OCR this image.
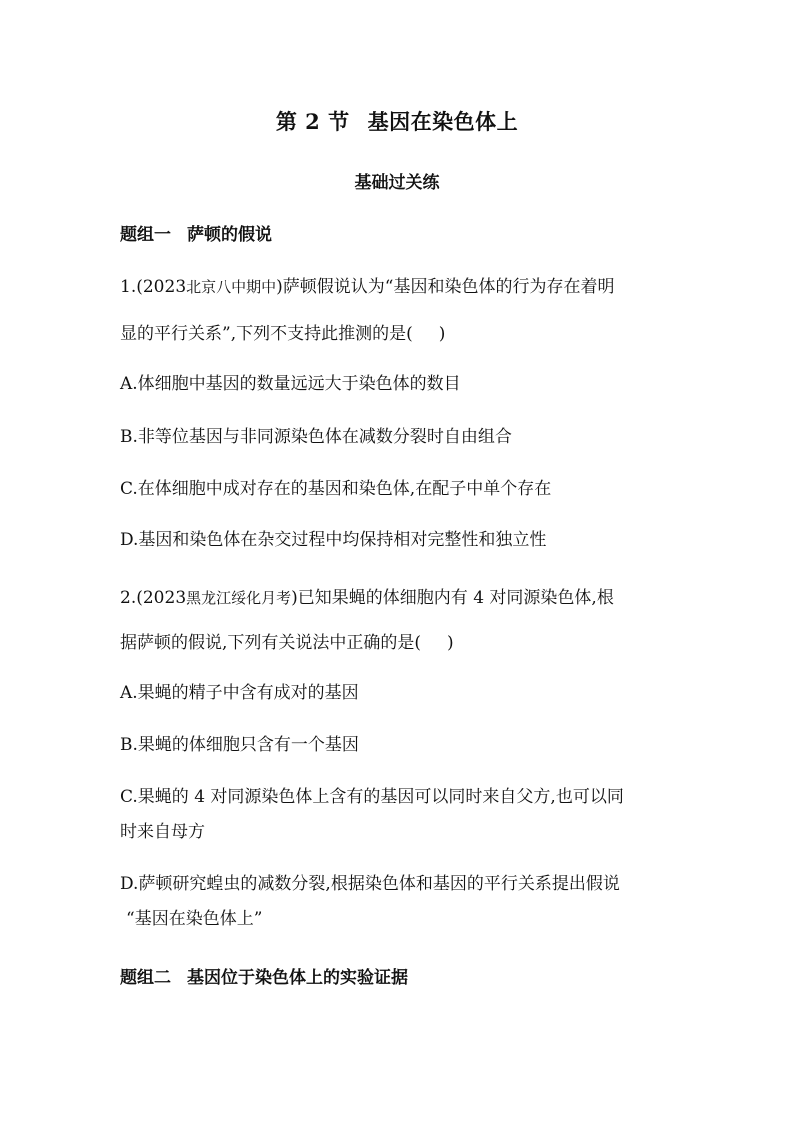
第 2 节 基因在染色体上
基础过关练
题组一 萨顿的假说
1.(2023北京八中期中)萨顿假说认为“基因和染色体的行为存在着明
显的平行关系”,下列不支持此推测的是( )
A.体细胞中基因的数量远远大于染色体的数目
B.非等位基因与非同源染色体在减数分裂时自由组合
C.在体细胞中成对存在的基因和染色体,在配子中单个存在
D.基因和染色体在杂交过程中均保持相对完整性和独立性
2.(2023黑龙江绥化月考)已知果蝇的体细胞内有 4 对同源染色体,根
据萨顿的假说,下列有关说法中正确的是( )
A.果蝇的精子中含有成对的基因
B.果蝇的体细胞只含有一个基因
C.果蝇的 4 对同源染色体上含有的基因可以同时来自父方,也可以同
时来自母方
D.萨顿研究蝗虫的减数分裂,根据染色体和基因的平行关系提出假说
“基因在染色体上”
题组二 基因位于染色体上的实验证据
